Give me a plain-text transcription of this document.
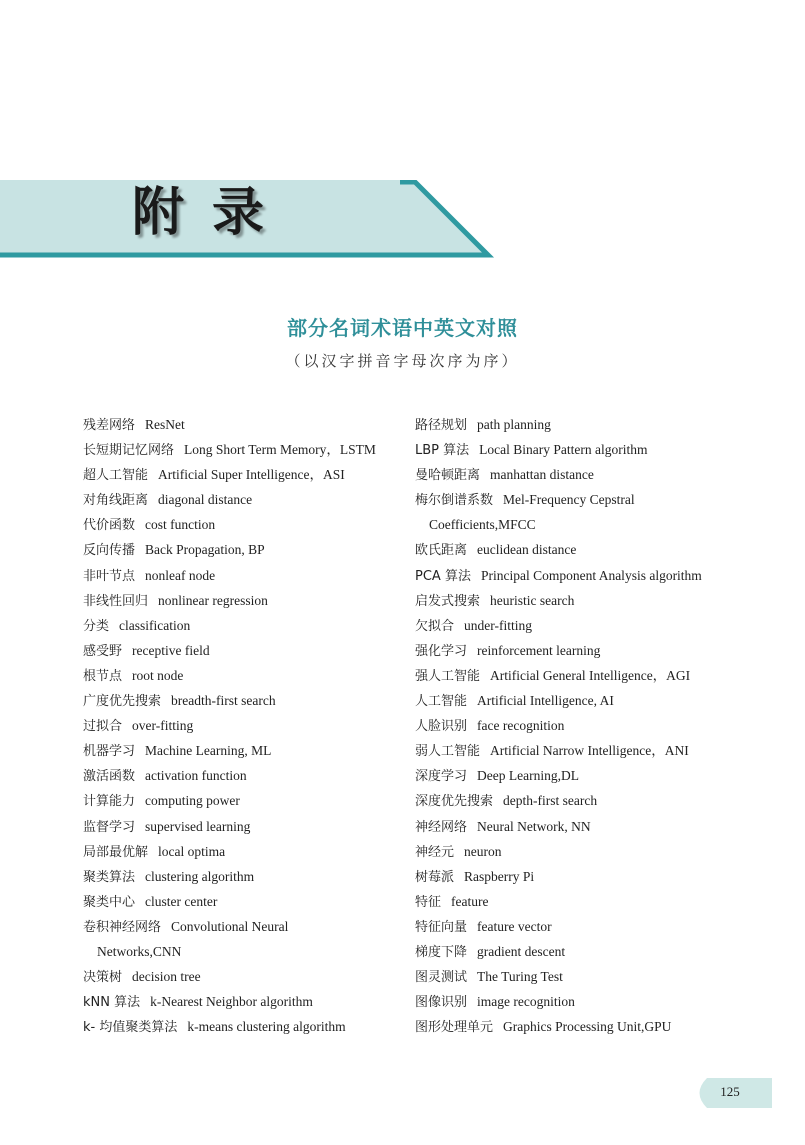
附录
部分名词术语中英文对照
（以汉字拼音字母次序为序）
残差网络 ResNet
长短期记忆网络 Long Short Term Memory，LSTM
超人工智能 Artificial Super Intelligence，ASI
对角线距离 diagonal distance
代价函数 cost function
反向传播 Back Propagation, BP
非叶节点 nonleaf node
非线性回归 nonlinear regression
分类 classification
感受野 receptive field
根节点 root node
广度优先搜索 breadth-first search
过拟合 over-fitting
机器学习 Machine Learning, ML
激活函数 activation function
计算能力 computing power
监督学习 supervised learning
局部最优解 local optima
聚类算法 clustering algorithm
聚类中心 cluster center
卷积神经网络 Convolutional Neural
Networks,CNN
决策树 decision tree
kNN 算法 k-Nearest Neighbor algorithm
k- 均值聚类算法 k-means clustering algorithm
路径规划 path planning
LBP 算法 Local Binary Pattern algorithm
曼哈顿距离 manhattan distance
梅尔倒谱系数 Mel-Frequency Cepstral
Coefficients,MFCC
欧氏距离 euclidean distance
PCA 算法 Principal Component Analysis algorithm
启发式搜索 heuristic search
欠拟合 under-fitting
强化学习 reinforcement learning
强人工智能 Artificial General Intelligence，AGI
人工智能 Artificial Intelligence, AI
人脸识别 face recognition
弱人工智能 Artificial Narrow Intelligence，ANI
深度学习 Deep Learning,DL
深度优先搜索 depth-first search
神经网络 Neural Network, NN
神经元 neuron
树莓派 Raspberry Pi
特征 feature
特征向量 feature vector
梯度下降 gradient descent
图灵测试 The Turing Test
图像识别 image recognition
图形处理单元 Graphics Processing Unit,GPU
125
